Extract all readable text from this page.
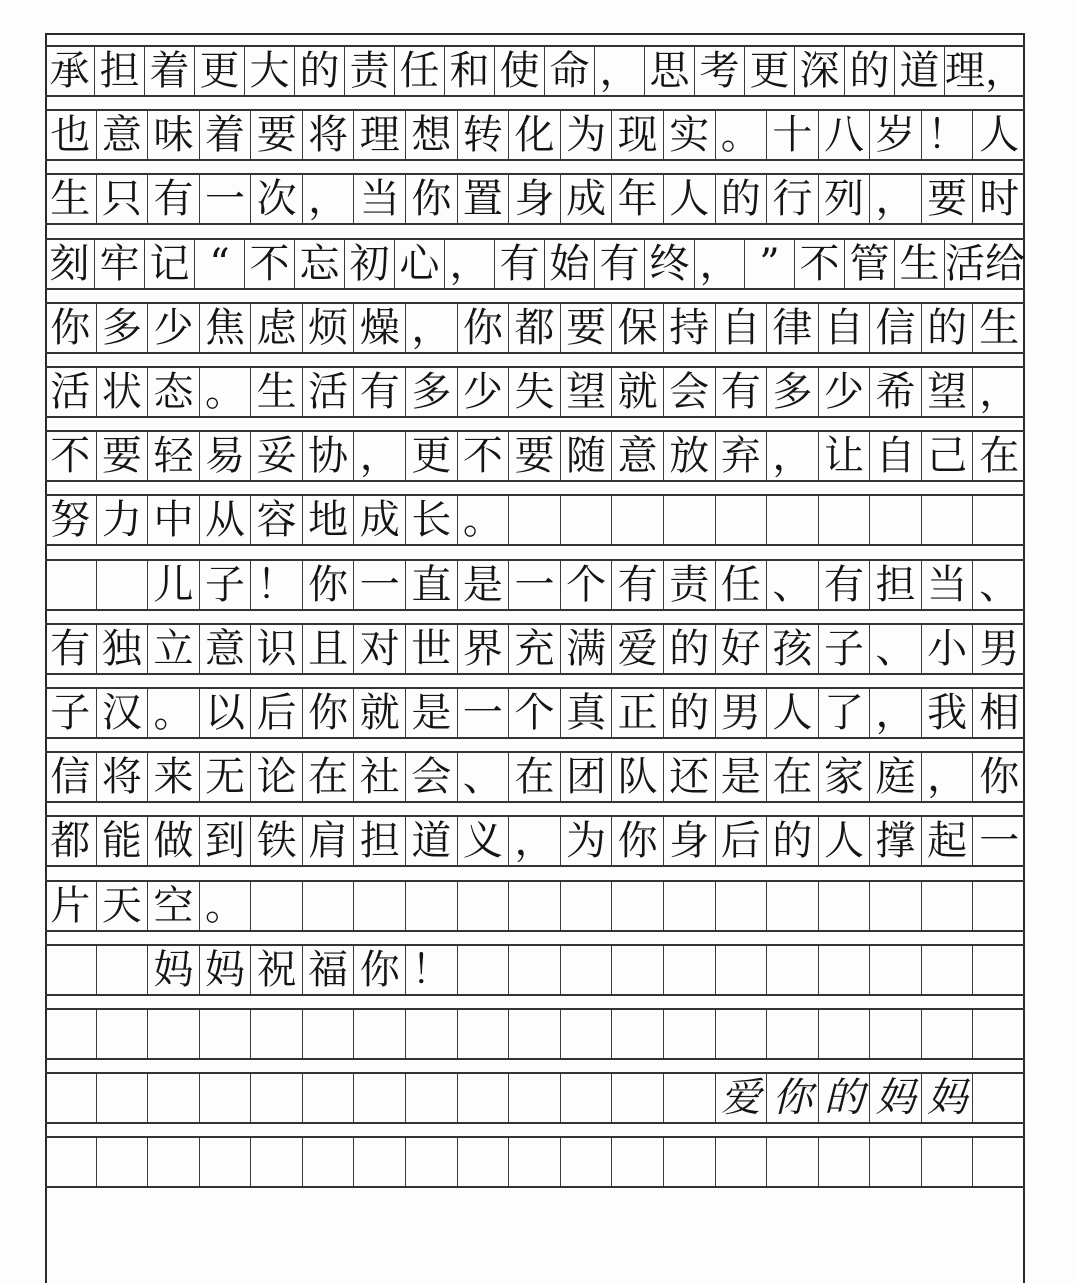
承 担 着 更 大 的 责 任 和 使 命 ， 思 考 更 深 的 道 理，
也 意 味 着 要 将 理 想 转 化 为 现 实 。 十 八 岁 ！ 人
生 只 有 一 次 ， 当 你 置 身 成 年 人 的 行 列 ， 要 时
刻 牢 记 “ 不 忘 初 心 ， 有 始 有 终 ， ” 不 管 生 活给
你 多 少 焦 虑 烦 燥 ， 你 都 要 保 持 自 律 自 信 的 生
活 状 态 。 生 活 有 多 少 失 望 就 会 有 多 少 希 望 ，
不 要 轻 易 妥 协 ， 更 不 要 随 意 放 弃 ， 让 自 己 在
努 力 中 从 容 地 成 长 。
儿 子 ！ 你 一 直 是 一 个 有 责 任 、 有 担 当 、
有 独 立 意 识 且 对 世 界 充 满 爱 的 好 孩 子 、 小 男
子 汉 。 以 后 你 就 是 一 个 真 正 的 男 人 了 ， 我 相
信 将 来 无 论 在 社 会 、 在 团 队 还 是 在 家 庭 ， 你
都 能 做 到 铁 肩 担 道 义 ， 为 你 身 后 的 人 撑 起 一
片 天 空 。
妈 妈 祝 福 你 ！
爱 你 的 妈 妈
